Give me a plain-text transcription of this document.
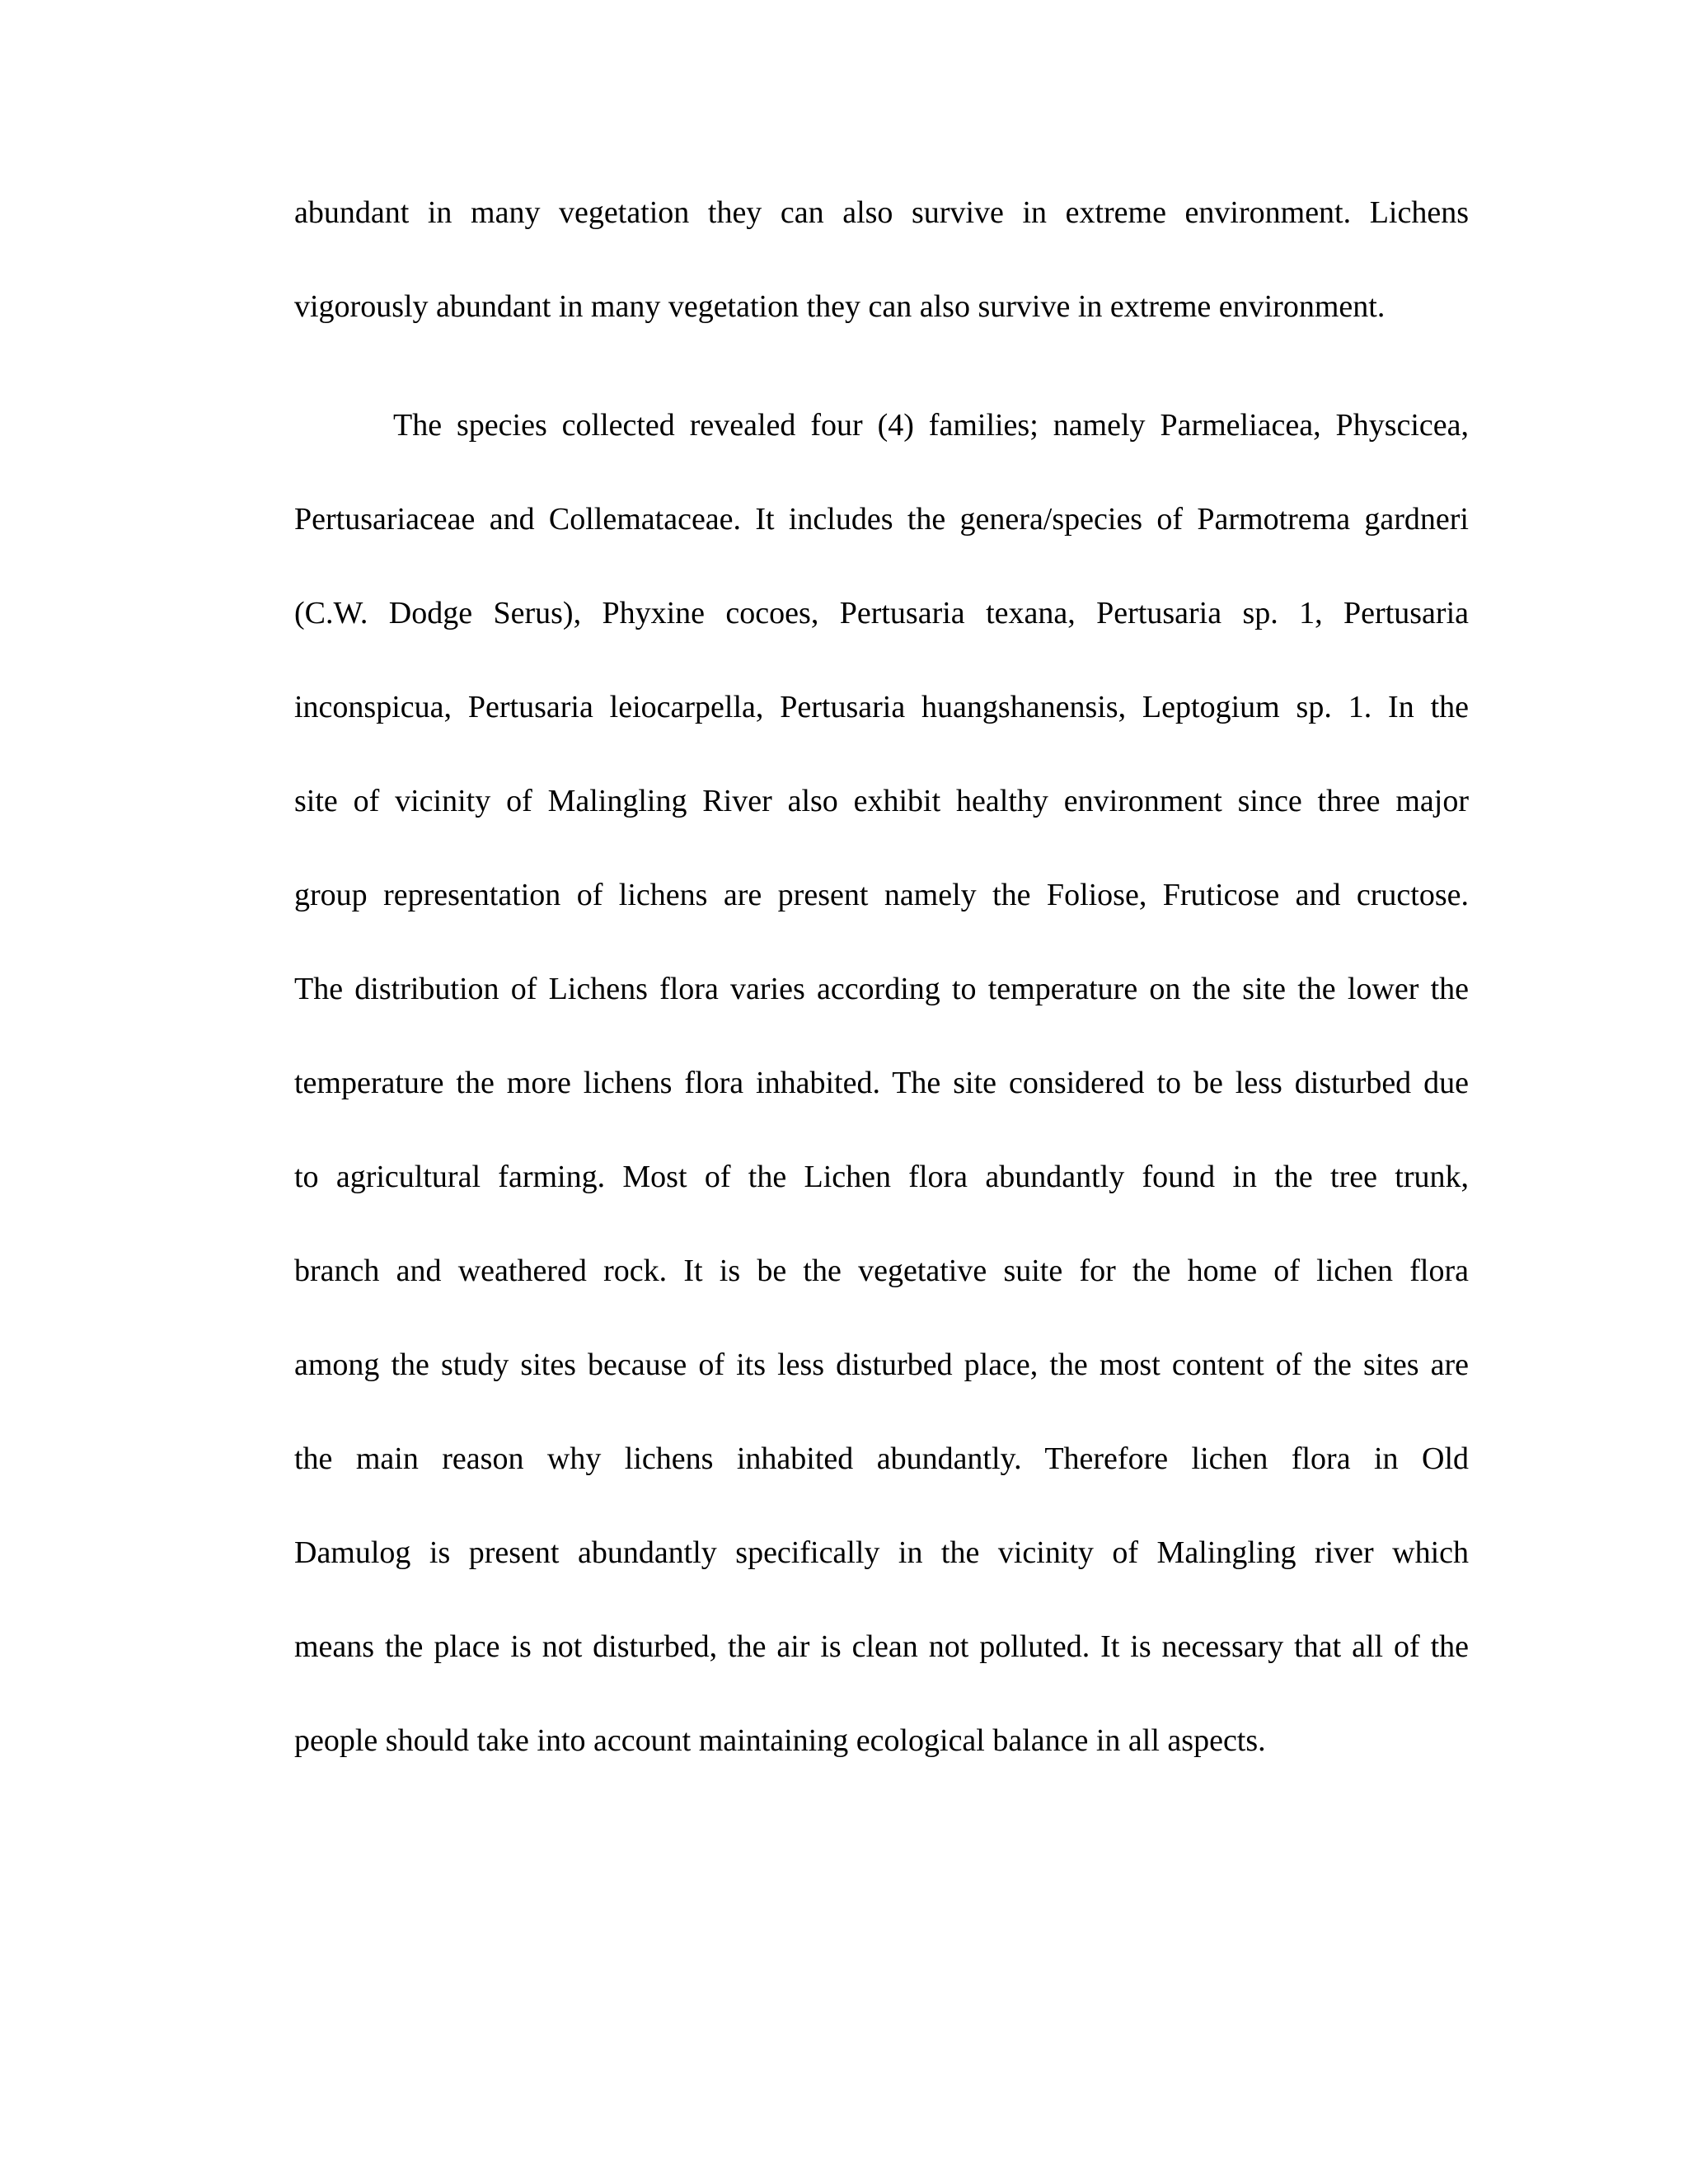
abundant in many vegetation they can also survive in extreme environment. Lichens
vigorously abundant in many vegetation they can also survive in extreme environment.
The species collected revealed four (4) families; namely Parmeliacea, Physcicea,
Pertusariaceae and Collemataceae. It includes the genera/species of Parmotrema gardneri
(C.W. Dodge Serus), Phyxine cocoes, Pertusaria texana, Pertusaria sp. 1, Pertusaria
inconspicua, Pertusaria leiocarpella, Pertusaria huangshanensis, Leptogium sp. 1. In the
site of vicinity of Malingling River also exhibit healthy environment since three major
group representation of lichens are present namely the Foliose, Fruticose and cructose.
The distribution of Lichens flora varies according to temperature on the site the lower the
temperature the more lichens flora inhabited. The site considered to be less disturbed due
to agricultural farming. Most of the Lichen flora abundantly found in the tree trunk,
branch and weathered rock. It is be the vegetative suite for the home of lichen flora
among the study sites because of its less disturbed place, the most content of the sites are
the main reason why lichens inhabited abundantly. Therefore lichen flora in Old
Damulog is present abundantly specifically in the vicinity of Malingling river which
means the place is not disturbed, the air is clean not polluted. It is necessary that all of the
people should take into account maintaining ecological balance in all aspects.
